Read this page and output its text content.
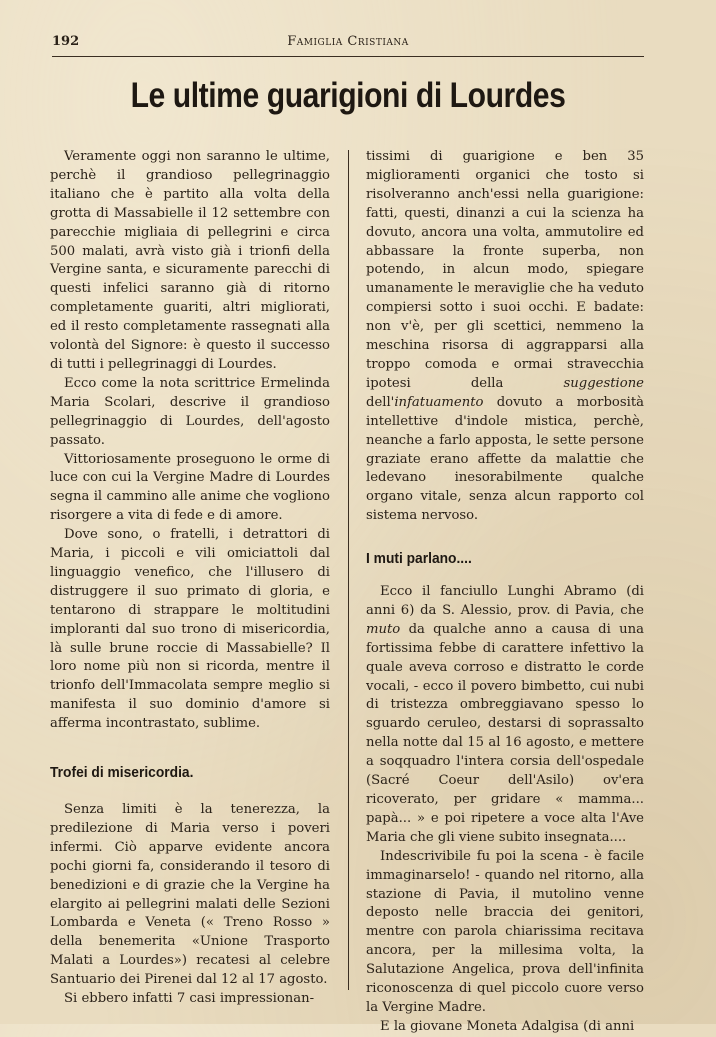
192	Famiglia Cristiana
Le ultime guarigioni di Lourdes

Veramente oggi non saranno le ultime, perchè il grandioso pellegrinaggio italiano che è partito alla volta della grotta di Massabielle il 12 settembre con parecchie migliaia di pellegrini e circa 500 malati, avrà visto già i trionfi della Vergine santa, e sicuramente parecchi di questi infelici saranno già di ritorno completamente guariti, altri migliorati, ed il resto completamente rassegnati alla volontà del Signore: è questo il successo di tutti i pellegrinaggi di Lourdes.

Ecco come la nota scrittrice Ermelinda Maria Scolari, descrive il grandioso pellegrinaggio di Lourdes, dell'agosto passato.

Vittoriosamente proseguono le orme di luce con cui la Vergine Madre di Lourdes segna il cammino alle anime che vogliono risorgere a vita di fede e di amore.

Dove sono, o fratelli, i detrattori di Maria, i piccoli e vili omiciattoli dal linguaggio venefico, che l'illusero di distruggere il suo primato di gloria, e tentarono di strappare le moltitudini imploranti dal suo trono di misericordia, là sulle brune roccie di Massabielle? Il loro nome più non si ricorda, mentre il trionfo dell'Immacolata sempre meglio si manifesta il suo dominio d'amore si afferma incontrastato, sublime.

Trofei di misericordia.

Senza limiti è la tenerezza, la predilezione di Maria verso i poveri infermi. Ciò apparve evidente ancora pochi giorni fa, considerando il tesoro di benedizioni e di grazie che la Vergine ha elargito ai pellegrini malati delle Sezioni Lombarda e Veneta (« Treno Rosso » della benemerita «Unione Trasporto Malati a Lourdes») recatesi al celebre Santuario dei Pirenei dal 12 al 17 agosto.

Si ebbero infatti 7 casi impressionan-

tissimi di guarigione e ben 35 miglioramenti organici che tosto si risolveranno anch'essi nella guarigione: fatti, questi, dinanzi a cui la scienza ha dovuto, ancora una volta, ammutolire ed abbassare la fronte superba, non potendo, in alcun modo, spiegare umanamente le meraviglie che ha veduto compiersi sotto i suoi occhi. E badate: non v'è, per gli scettici, nemmeno la meschina risorsa di aggrapparsi alla troppo comoda e ormai stravecchia ipotesi della suggestione dell'infatuamento dovuto a morbosità intellettive d'indole mistica, perchè, neanche a farlo apposta, le sette persone graziate erano affette da malattie che ledevano inesorabilmente qualche organo vitale, senza alcun rapporto col sistema nervoso.

I muti parlano....

Ecco il fanciullo Lunghi Abramo (di anni 6) da S. Alessio, prov. di Pavia, che muto da qualche anno a causa di una fortissima febbe di carattere infettivo la quale aveva corroso e distratto le corde vocali, - ecco il povero bimbetto, cui nubi di tristezza ombreggiavano spesso lo sguardo ceruleo, destarsi di soprassalto nella notte dal 15 al 16 agosto, e mettere a soqquadro l'intera corsia dell'ospedale (Sacré Coeur dell'Asilo) ov'era ricoverato, per gridare « mamma... papà... » e poi ripetere a voce alta l'Ave Maria che gli viene subito insegnata....

Indescrivibile fu poi la scena - è facile immaginarselo! - quando nel ritorno, alla stazione di Pavia, il mutolino venne deposto nelle braccia dei genitori, mentre con parola chiarissima recitava ancora, per la millesima volta, la Salutazione Angelica, prova dell'infinita riconoscenza di quel piccolo cuore verso la Vergine Madre.

E la giovane Moneta Adalgisa (di anni
